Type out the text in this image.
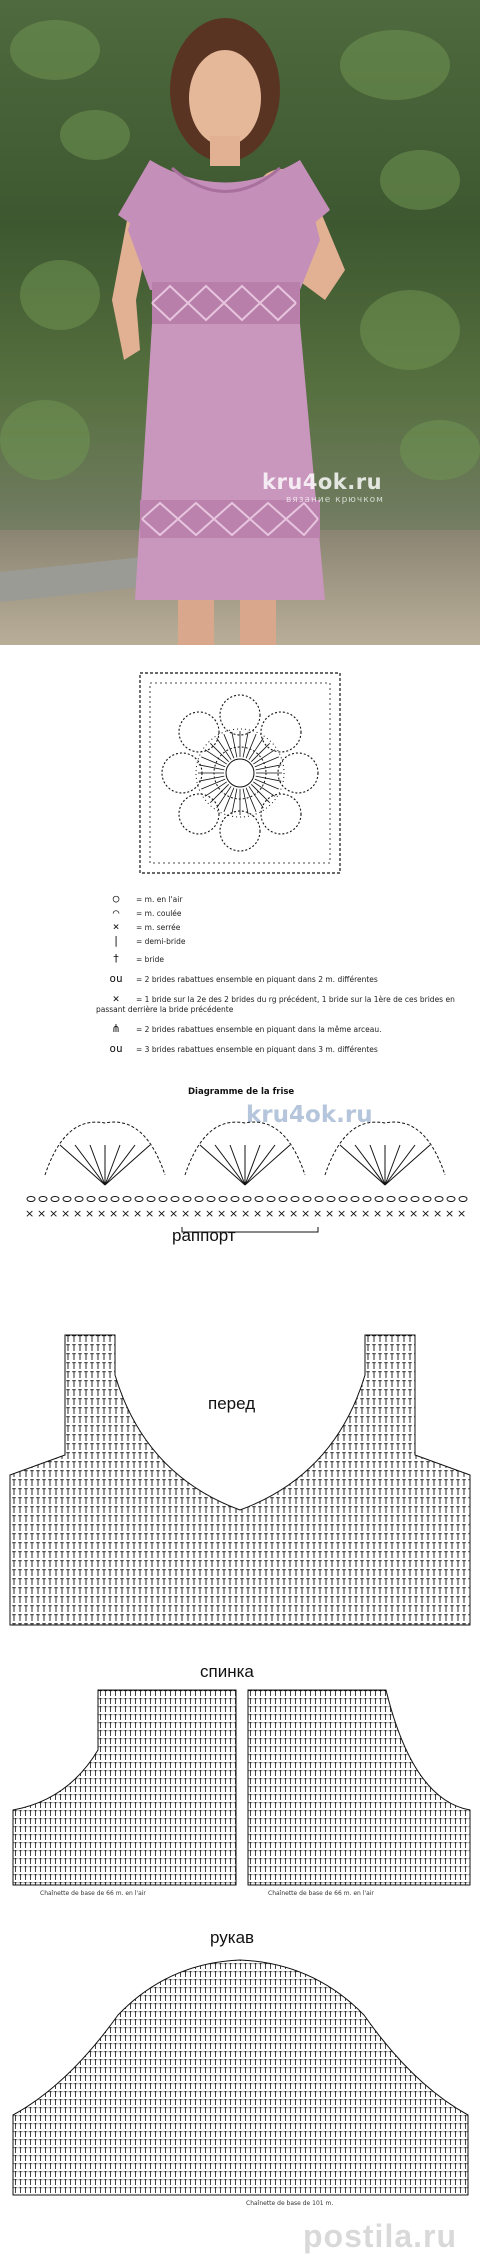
kru4ok.ru
вязание крючком
○ = m. en l'air
⌒ = m. coulée
× = m. serrée
| = demi-bride
† = bride
ou = 2 brides rabattues ensemble en piquant dans 2 m. différentes
✕ = 1 bride sur la 2e des 2 brides du rg précédent, 1 bride sur la 1ère de ces brides en passant derrière la bride précédente
⋔ = 2 brides rabattues ensemble en piquant dans la même arceau.
ou = 3 brides rabattues ensemble en piquant dans 3 m. différentes
Diagramme de la frise
kru4ok.ru
× × × × × × × × × × × × × × × × × × × × × × × × × × × × × × × × × × × × ×
раппорт
перед
спинка
Chaînette de base de 66 m. en l'air	Chaînette de base de 66 m. en l'air
рукав
Chaînette de base de 101 m.
postila.ru
